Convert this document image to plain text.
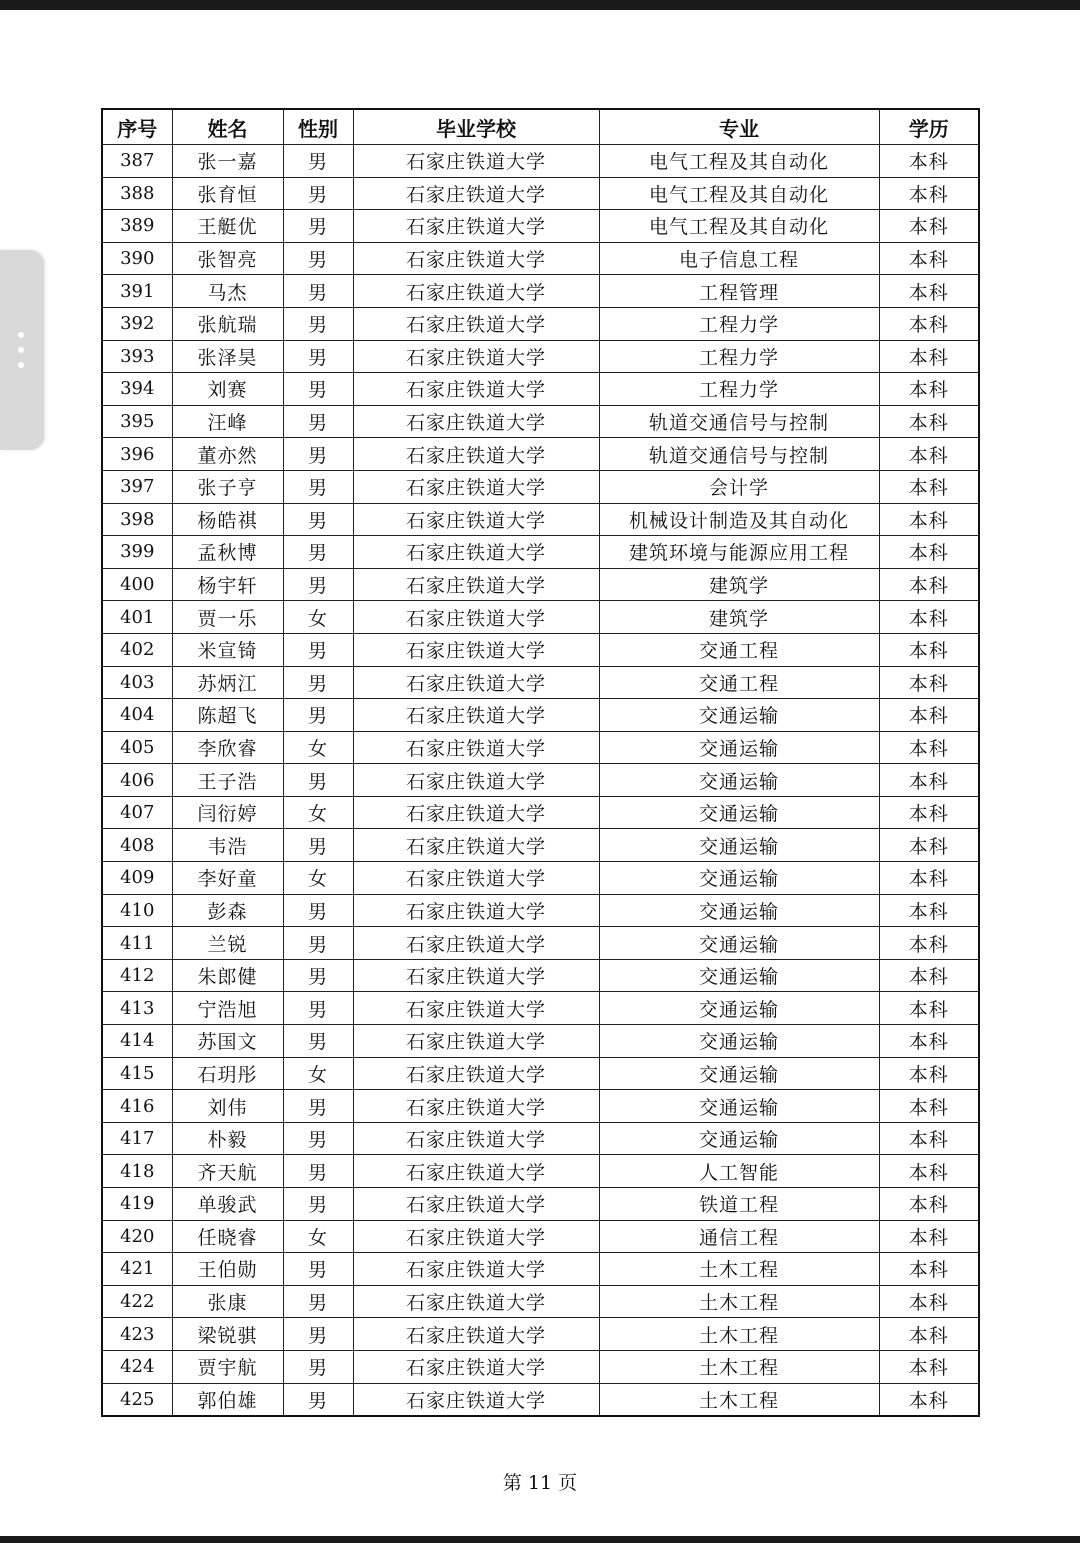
序号	姓名	性别	毕业学校	专业	学历
387	张一嘉	男	石家庄铁道大学	电气工程及其自动化	本科
388	张育恒	男	石家庄铁道大学	电气工程及其自动化	本科
389	王艇优	男	石家庄铁道大学	电气工程及其自动化	本科
390	张智亮	男	石家庄铁道大学	电子信息工程	本科
391	马杰	男	石家庄铁道大学	工程管理	本科
392	张航瑞	男	石家庄铁道大学	工程力学	本科
393	张泽昊	男	石家庄铁道大学	工程力学	本科
394	刘赛	男	石家庄铁道大学	工程力学	本科
395	汪峰	男	石家庄铁道大学	轨道交通信号与控制	本科
396	董亦然	男	石家庄铁道大学	轨道交通信号与控制	本科
397	张子亨	男	石家庄铁道大学	会计学	本科
398	杨皓祺	男	石家庄铁道大学	机械设计制造及其自动化	本科
399	孟秋博	男	石家庄铁道大学	建筑环境与能源应用工程	本科
400	杨宇轩	男	石家庄铁道大学	建筑学	本科
401	贾一乐	女	石家庄铁道大学	建筑学	本科
402	米宣锜	男	石家庄铁道大学	交通工程	本科
403	苏炳江	男	石家庄铁道大学	交通工程	本科
404	陈超飞	男	石家庄铁道大学	交通运输	本科
405	李欣睿	女	石家庄铁道大学	交通运输	本科
406	王子浩	男	石家庄铁道大学	交通运输	本科
407	闫衍婷	女	石家庄铁道大学	交通运输	本科
408	韦浩	男	石家庄铁道大学	交通运输	本科
409	李好童	女	石家庄铁道大学	交通运输	本科
410	彭森	男	石家庄铁道大学	交通运输	本科
411	兰锐	男	石家庄铁道大学	交通运输	本科
412	朱郎健	男	石家庄铁道大学	交通运输	本科
413	宁浩旭	男	石家庄铁道大学	交通运输	本科
414	苏国文	男	石家庄铁道大学	交通运输	本科
415	石玥彤	女	石家庄铁道大学	交通运输	本科
416	刘伟	男	石家庄铁道大学	交通运输	本科
417	朴毅	男	石家庄铁道大学	交通运输	本科
418	齐天航	男	石家庄铁道大学	人工智能	本科
419	单骏武	男	石家庄铁道大学	铁道工程	本科
420	任晓睿	女	石家庄铁道大学	通信工程	本科
421	王伯勋	男	石家庄铁道大学	土木工程	本科
422	张康	男	石家庄铁道大学	土木工程	本科
423	梁锐骐	男	石家庄铁道大学	土木工程	本科
424	贾宇航	男	石家庄铁道大学	土木工程	本科
425	郭伯雄	男	石家庄铁道大学	土木工程	本科
第 11 页
